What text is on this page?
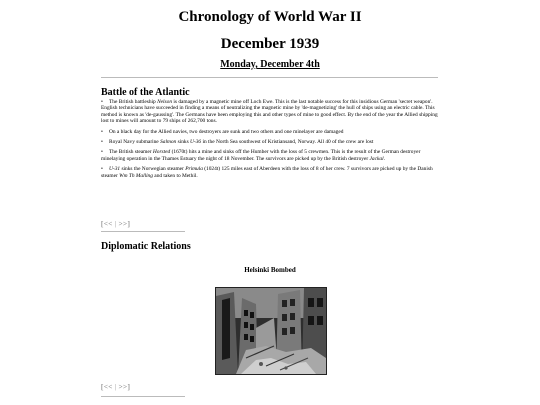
Chronology of World War II
December 1939
Monday, December 4th
Battle of the Atlantic

• The British battleship Nelson is damaged by a magnetic mine off Loch Ewe. This is the last notable success for this insidious German 'secret weapon'. English technicians have succeeded in finding a means of neutralizing the magnetic mine by 'de-magnetizing' the hull of ships using an electric cable. This method is known as 'de-gaussing'. The Germans have been employing this and other types of mine to good effect. By the end of the year the Allied shipping lost to mines will amount to 79 ships of 262,700 tons.

• On a black day for the Allied navies, two destroyers are sunk and two others and one minelayer are damaged

• Royal Navy submarine Salmon sinks U-36 in the North Sea southwest of Kristiansand, Norway. All 40 of the crew are lost

• The British steamer Horsted (1670t) hits a mine and sinks off the Humber with the loss of 5 crewmen. This is the result of the German destroyer minelaying operation in the Thames Estuary the night of 18 November. The survivors are picked up by the British destroyer Jackal.

• U-31 sinks the Norwegian steamer Primula (1024t) 125 miles east of Aberdeen with the loss of 8 of her crew. 7 survivors are picked up by the Danish steamer Wm Th Malling and taken to Methil.

[<< | >>]
Diplomatic Relations
Helsinki Bombed
[<< | >>]
